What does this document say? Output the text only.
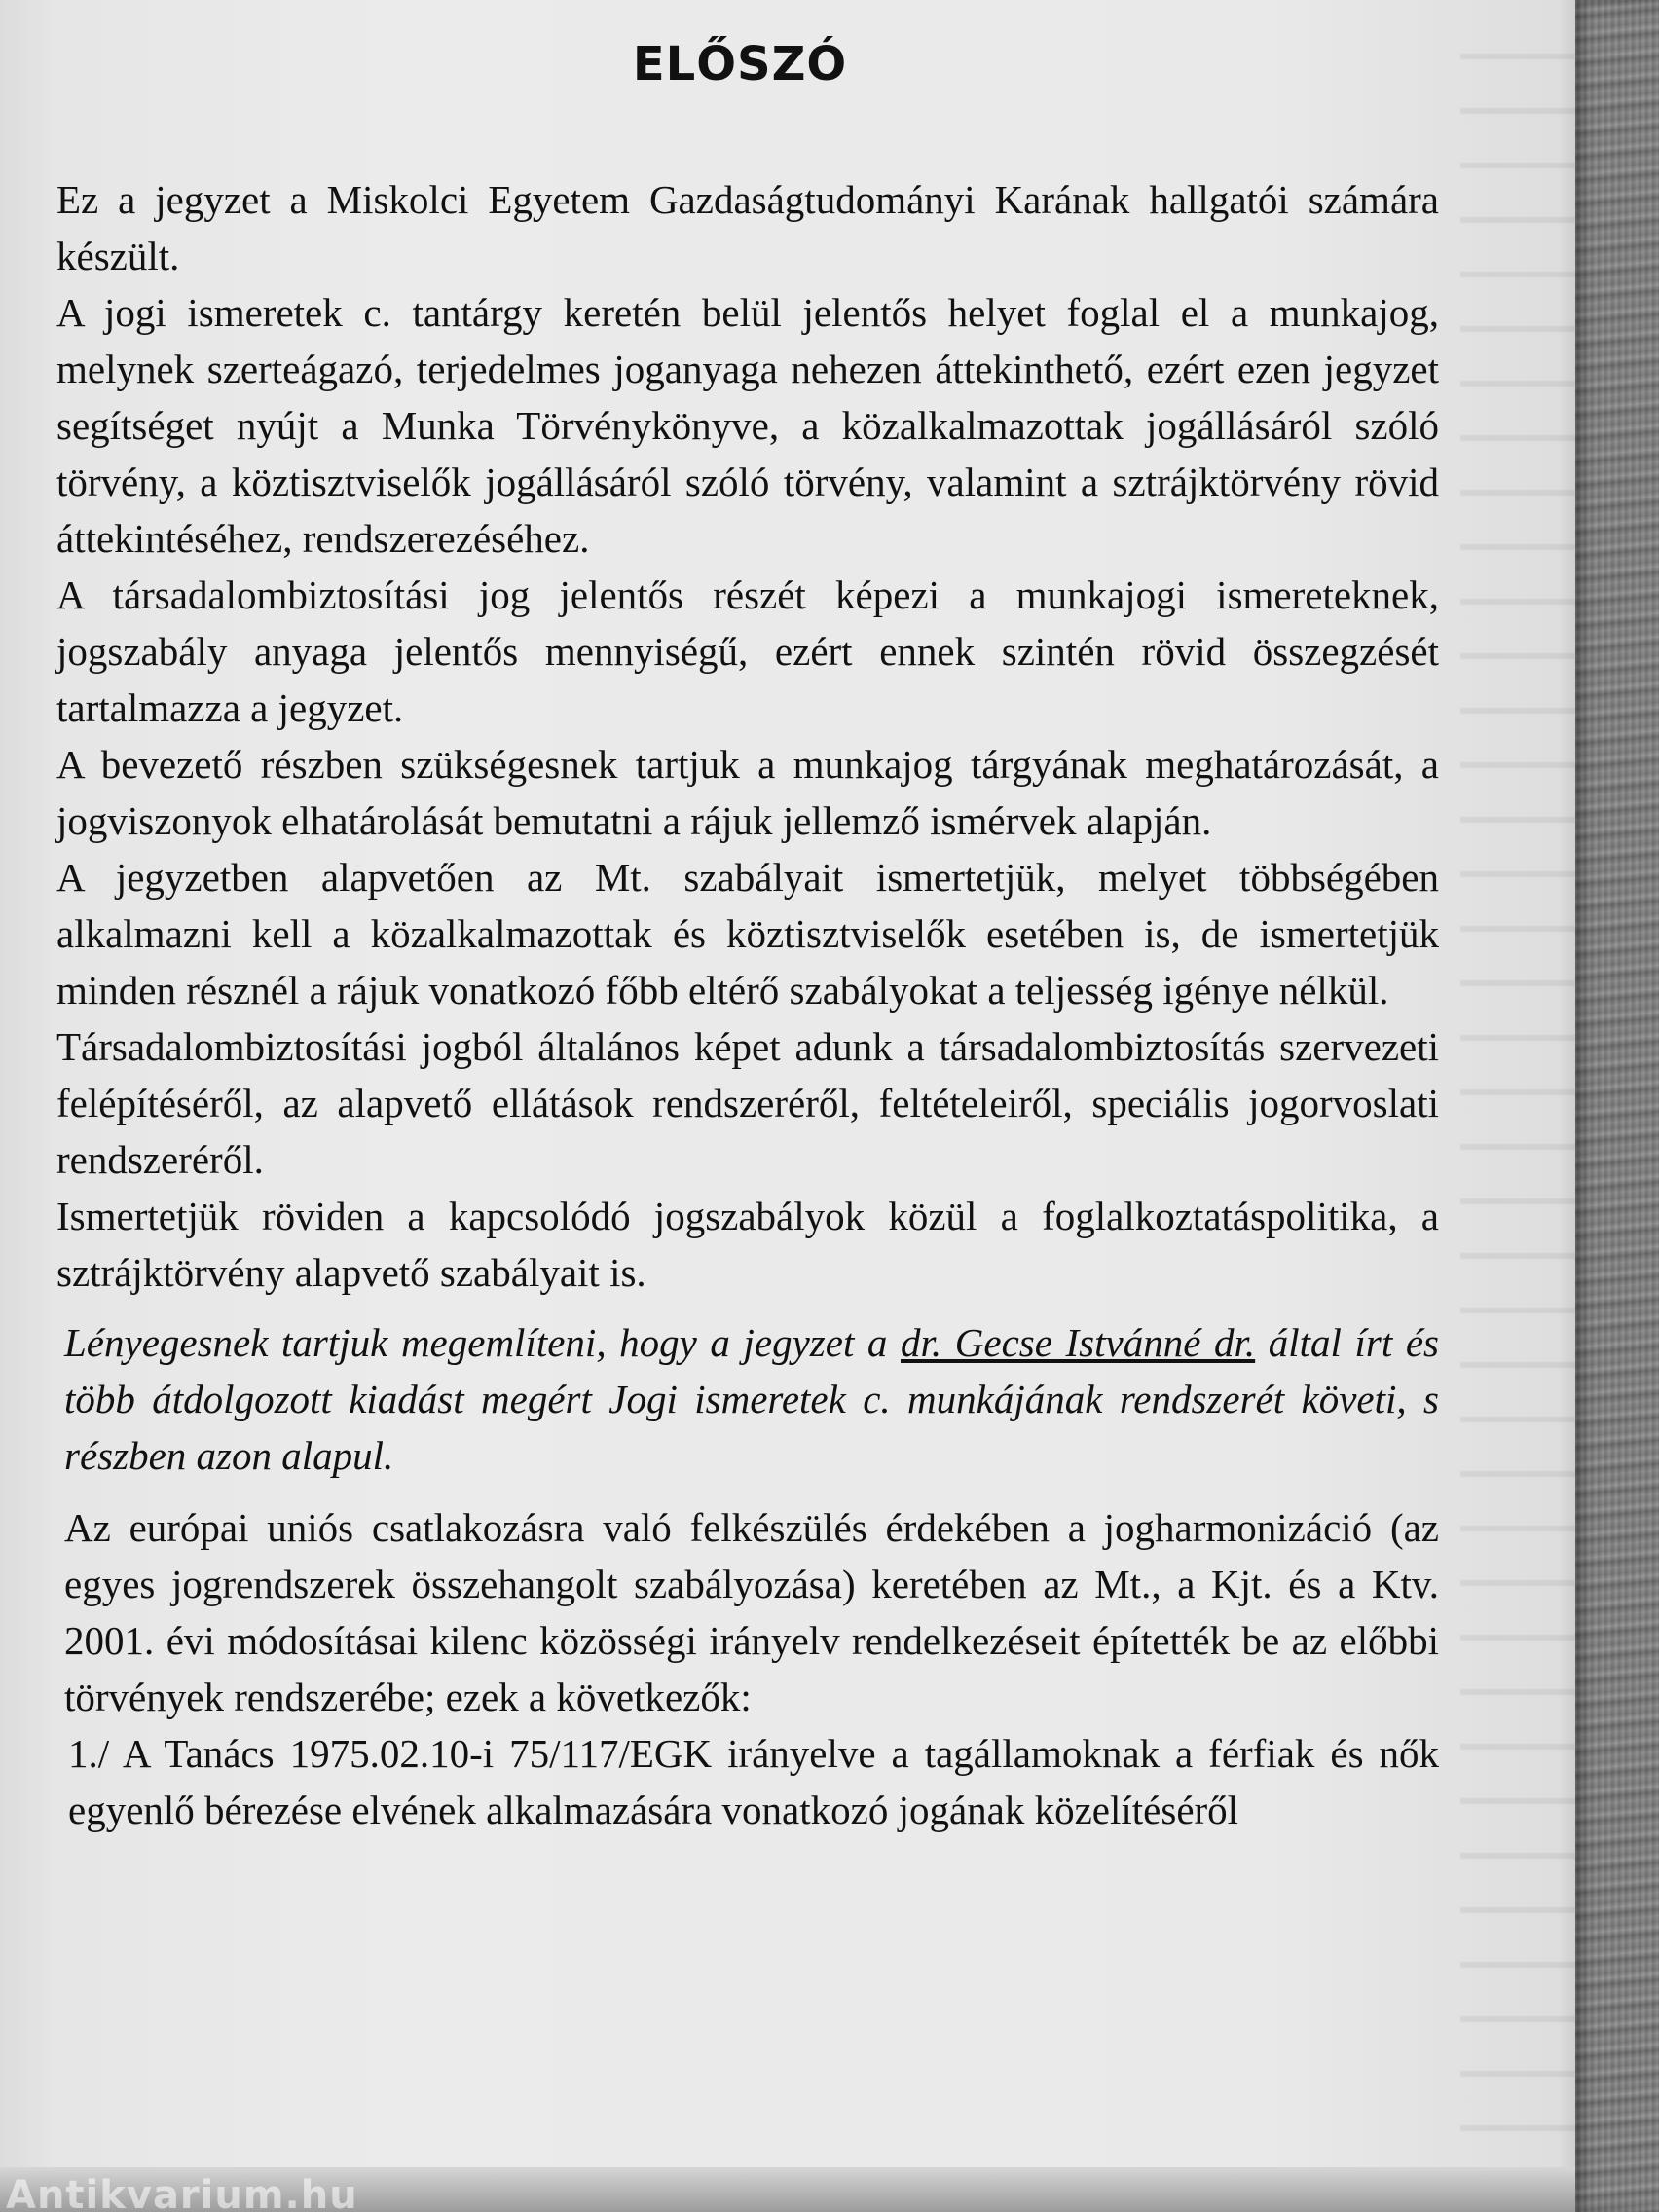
ELŐSZÓ

Ez a jegyzet a Miskolci Egyetem Gazdaságtudományi Karának hallgatói számára készült.

A jogi ismeretek c. tantárgy keretén belül jelentős helyet foglal el a munkajog, melynek szerteágazó, terjedelmes joganyaga nehezen áttekinthető, ezért ezen jegyzet segítséget nyújt a Munka Törvénykönyve, a közalkalmazottak jogállásáról szóló törvény, a köztisztviselők jogállásáról szóló törvény, valamint a sztrájktörvény rövid áttekintéséhez, rendszerezéséhez.

A társadalombiztosítási jog jelentős részét képezi a munkajogi ismereteknek, jogszabály anyaga jelentős mennyiségű, ezért ennek szintén rövid összegzését tartalmazza a jegyzet.

A bevezető részben szükségesnek tartjuk a munkajog tárgyának meghatározását, a jogviszonyok elhatárolását bemutatni a rájuk jellemző ismérvek alapján.

A jegyzetben alapvetően az Mt. szabályait ismertetjük, melyet többségében alkalmazni kell a közalkalmazottak és köztisztviselők esetében is, de ismertetjük minden résznél a rájuk vonatkozó főbb eltérő szabályokat a teljesség igénye nélkül.

Társadalombiztosítási jogból általános képet adunk a társadalombiztosítás szervezeti felépítéséről, az alapvető ellátások rendszeréről, feltételeiről, speciális jogorvoslati rendszeréről.

Ismertetjük röviden a kapcsolódó jogszabályok közül a foglalkoztatáspolitika, a sztrájktörvény alapvető szabályait is.

Lényegesnek tartjuk megemlíteni, hogy a jegyzet a dr. Gecse Istvánné dr. által írt és több átdolgozott kiadást megért Jogi ismeretek c. munkájának rendszerét követi, s részben azon alapul.

Az európai uniós csatlakozásra való felkészülés érdekében a jogharmonizáció (az egyes jogrendszerek összehangolt szabályozása) keretében az Mt., a Kjt. és a Ktv. 2001. évi módosításai kilenc közösségi irányelv rendelkezéseit építették be az előbbi törvények rendszerébe; ezek a következők:

1./ A Tanács 1975.02.10-i 75/117/EGK irányelve a tagállamoknak a férfiak és nők egyenlő bérezése elvének alkalmazására vonatkozó jogának közelítéséről

Antikvarium.hu
